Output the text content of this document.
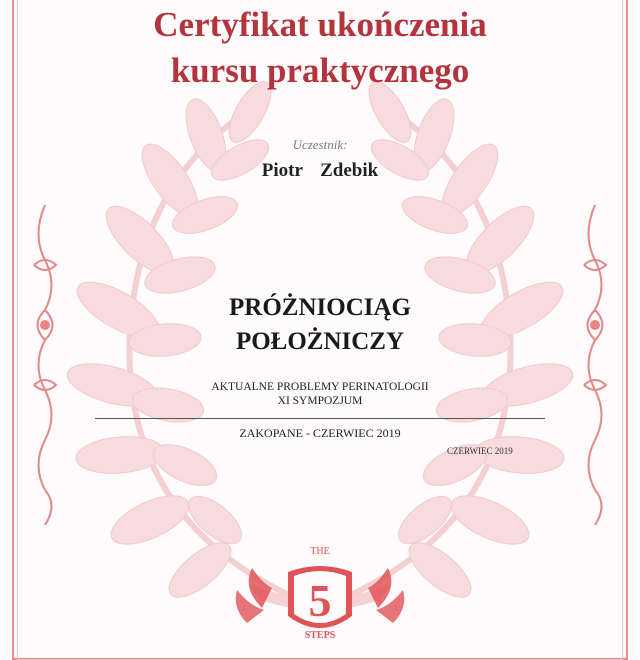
Certyfikat ukończenia
kursu praktycznego
Uczestnik:
Piotr  Zdebik
PRÓŻNIOCIĄG
POŁOŻNICZY
AKTUALNE PROBLEMY PERINATOLOGII
XI SYMPOZJUM
ZAKOPANE - CZERWIEC 2019
CZERWIEC 2019
THE
5
STEPS
